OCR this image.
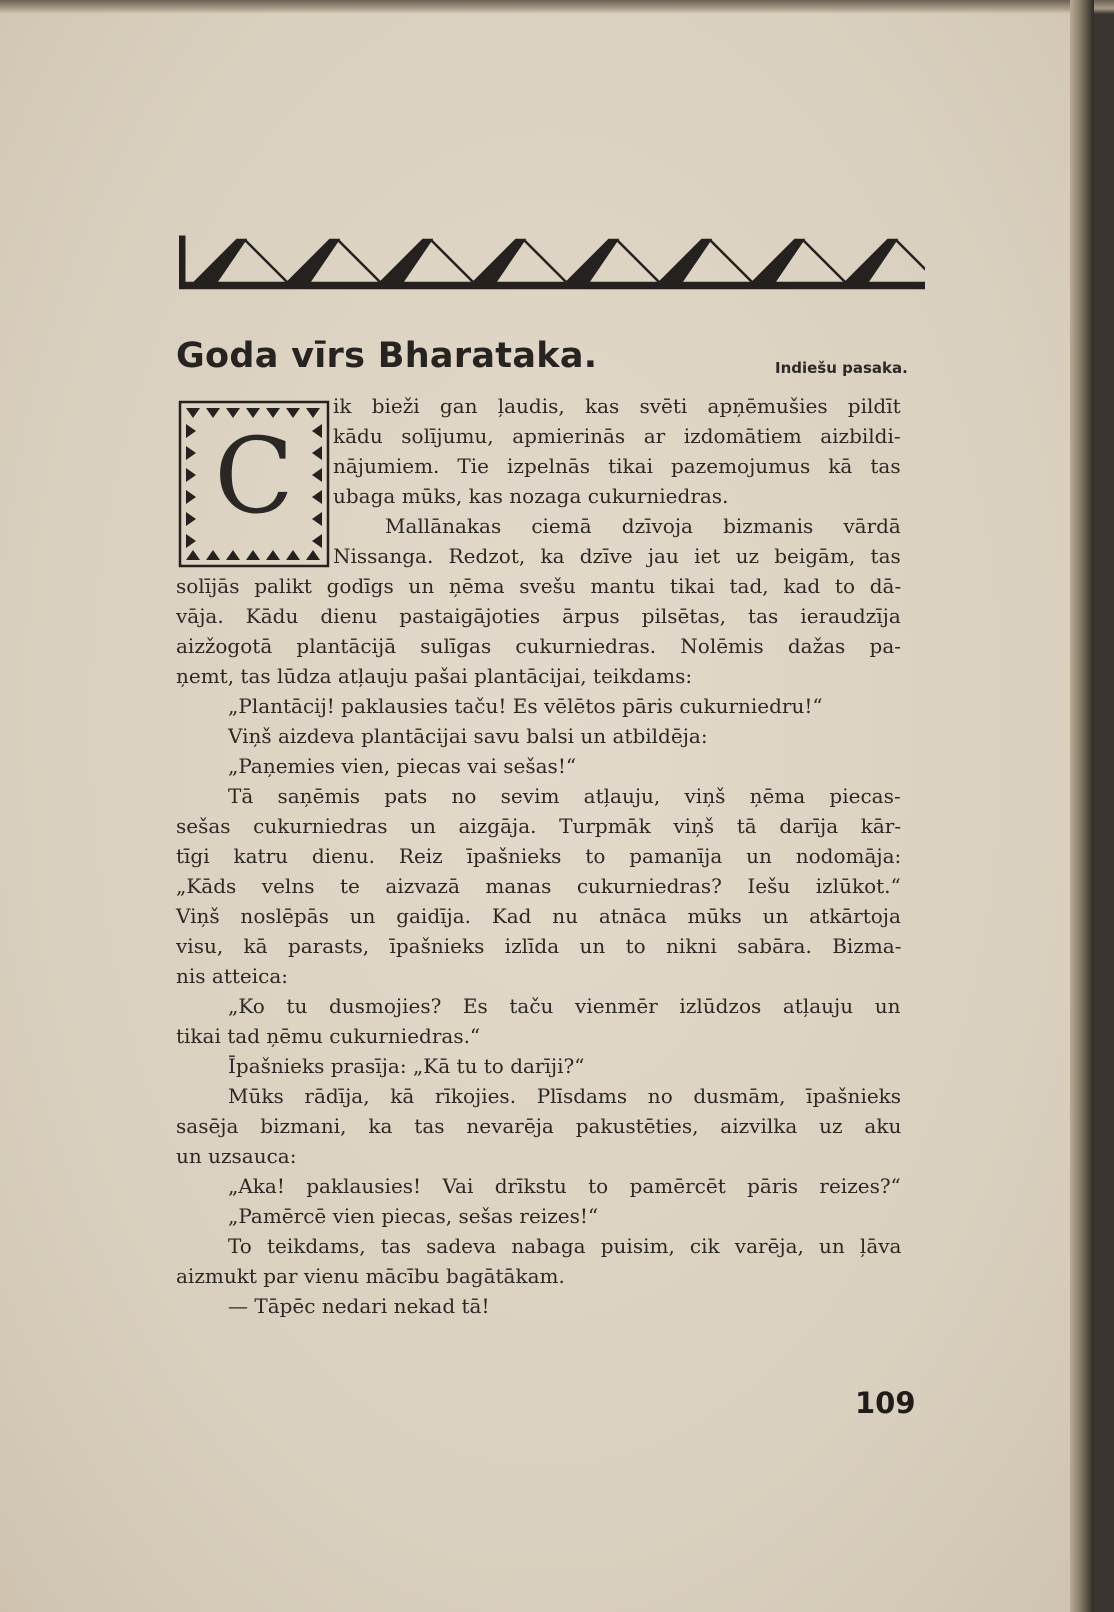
Goda vīrs Bharataka.	Indiešu pasaka.
C

ik bieži gan ļaudis, kas svēti apņēmušies pildīt

kādu solījumu, apmierinās ar izdomātiem aizbildi-

nājumiem. Tie izpelnās tikai pazemojumus kā tas

ubaga mūks, kas nozaga cukurniedras.

Mallānakas ciemā dzīvoja bizmanis vārdā

Nissanga. Redzot, ka dzīve jau iet uz beigām, tas

solījās palikt godīgs un ņēma svešu mantu tikai tad, kad to dā-

vāja. Kādu dienu pastaigājoties ārpus pilsētas, tas ieraudzīja

aizžogotā plantācijā sulīgas cukurniedras. Nolēmis dažas pa-

ņemt, tas lūdza atļauju pašai plantācijai, teikdams:

„Plantācij! paklausies taču! Es vēlētos pāris cukurniedru!“

Viņš aizdeva plantācijai savu balsi un atbildēja:

„Paņemies vien, piecas vai sešas!“

Tā saņēmis pats no sevim atļauju, viņš ņēma piecas-

sešas cukurniedras un aizgāja. Turpmāk viņš tā darīja kār-

tīgi katru dienu. Reiz īpašnieks to pamanīja un nodomāja:

„Kāds velns te aizvazā manas cukurniedras? Iešu izlūkot.“

Viņš noslēpās un gaidīja. Kad nu atnāca mūks un atkārtoja

visu, kā parasts, īpašnieks izlīda un to nikni sabāra. Bizma-

nis atteica:

„Ko tu dusmojies? Es taču vienmēr izlūdzos atļauju un

tikai tad ņēmu cukurniedras.“

Īpašnieks prasīja: „Kā tu to darīji?“

Mūks rādīja, kā rīkojies. Plīsdams no dusmām, īpašnieks

sasēja bizmani, ka tas nevarēja pakustēties, aizvilka uz aku

un uzsauca:

„Aka! paklausies! Vai drīkstu to pamērcēt pāris reizes?“

„Pamērcē vien piecas, sešas reizes!“

To teikdams, tas sadeva nabaga puisim, cik varēja, un ļāva

aizmukt par vienu mācību bagātākam.

— Tāpēc nedari nekad tā!

109
